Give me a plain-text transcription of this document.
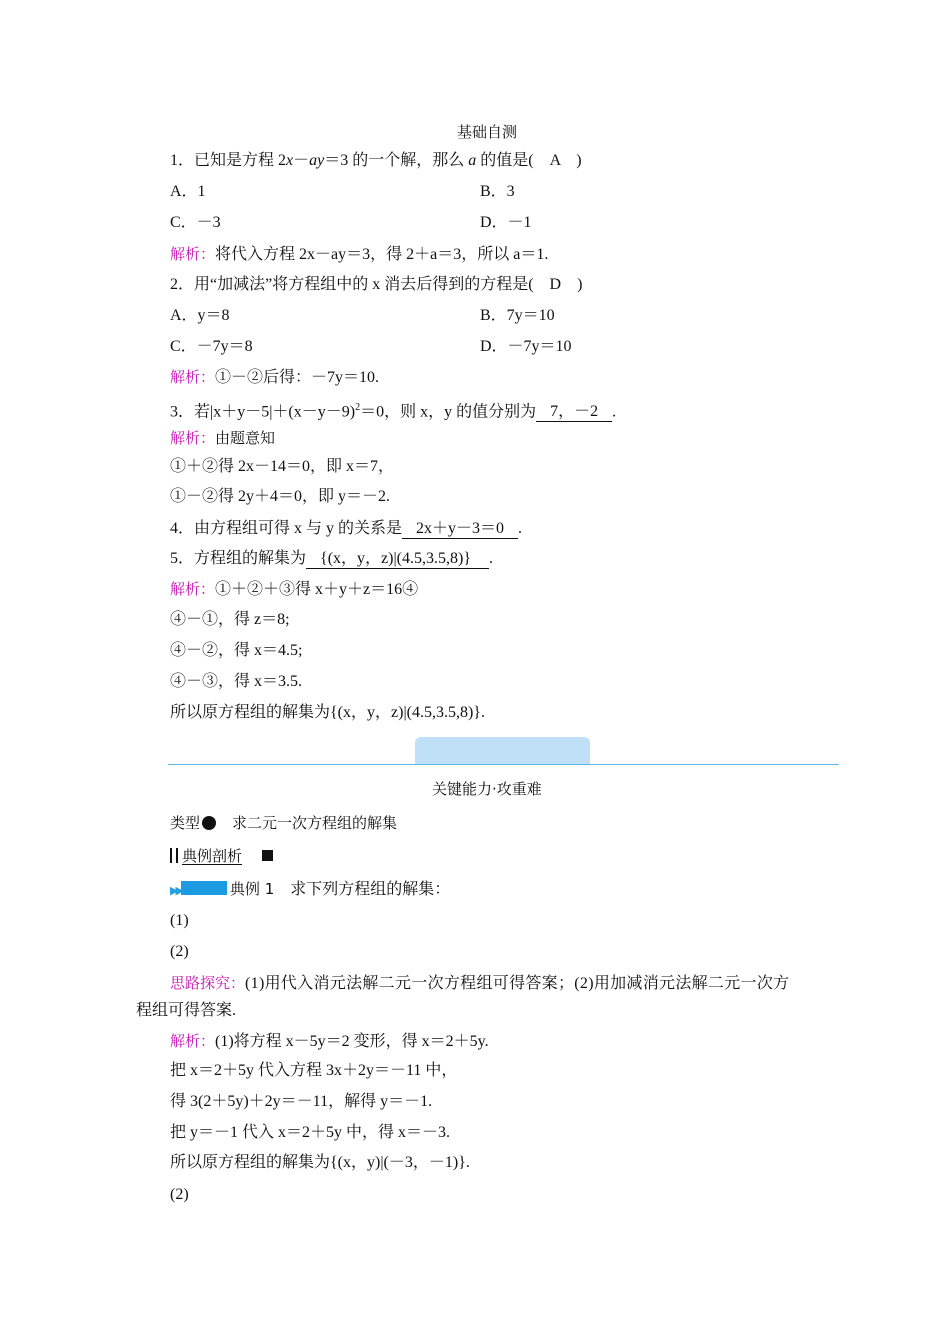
基础自测
1．已知是方程 2x－ay＝3 的一个解，那么 a 的值是(　A　)
A．1	B．3
C．－3	D．－1
解析：将代入方程 2x－ay＝3，得 2＋a＝3，所以 a＝1.
2．用“加减法”将方程组中的 x 消去后得到的方程是(　D　)
A．y＝8	B．7y＝10
C．－7y＝8	D．－7y＝10
解析：①－②后得：－7y＝10.
3．若$|x+y-5|+(x-y-9)^2=0$，则 x，y 的值分别为 7，－2 .
解析：由题意知
①＋②得 2x－14＝0，即 x＝7，
①－②得 2y＋4＝0，即 y＝－2.
4．由方程组可得 x 与 y 的关系是 2x＋y－3＝0 .
5．方程组的解集为 {(x，y，z)|(4.5,3.5,8)} .
解析：①＋②＋③得 x＋y＋z＝16④
④－①，得 z＝8;
④－②，得 x＝4.5;
④－③，得 x＝3.5.
所以原方程组的解集为{(x，y，z)|(4.5,3.5,8)}.
关键能力·攻重难
类型 求二元一次方程组的解集
典例剖析
▶▶	典例 1　 求下列方程组的解集：
(1)
(2)
思路探究：(1)用代入消元法解二元一次方程组可得答案；(2)用加减消元法解二元一次方
程组可得答案.
解析：(1)将方程 x－5y＝2 变形，得 x＝2＋5y.
把 x＝2＋5y 代入方程 3x＋2y＝－11 中，
得 3(2＋5y)＋2y＝－11，解得 y＝－1.
把 y＝－1 代入 x＝2＋5y 中，得 x＝－3.
所以原方程组的解集为{(x，y)|(－3，－1)}.
(2)
